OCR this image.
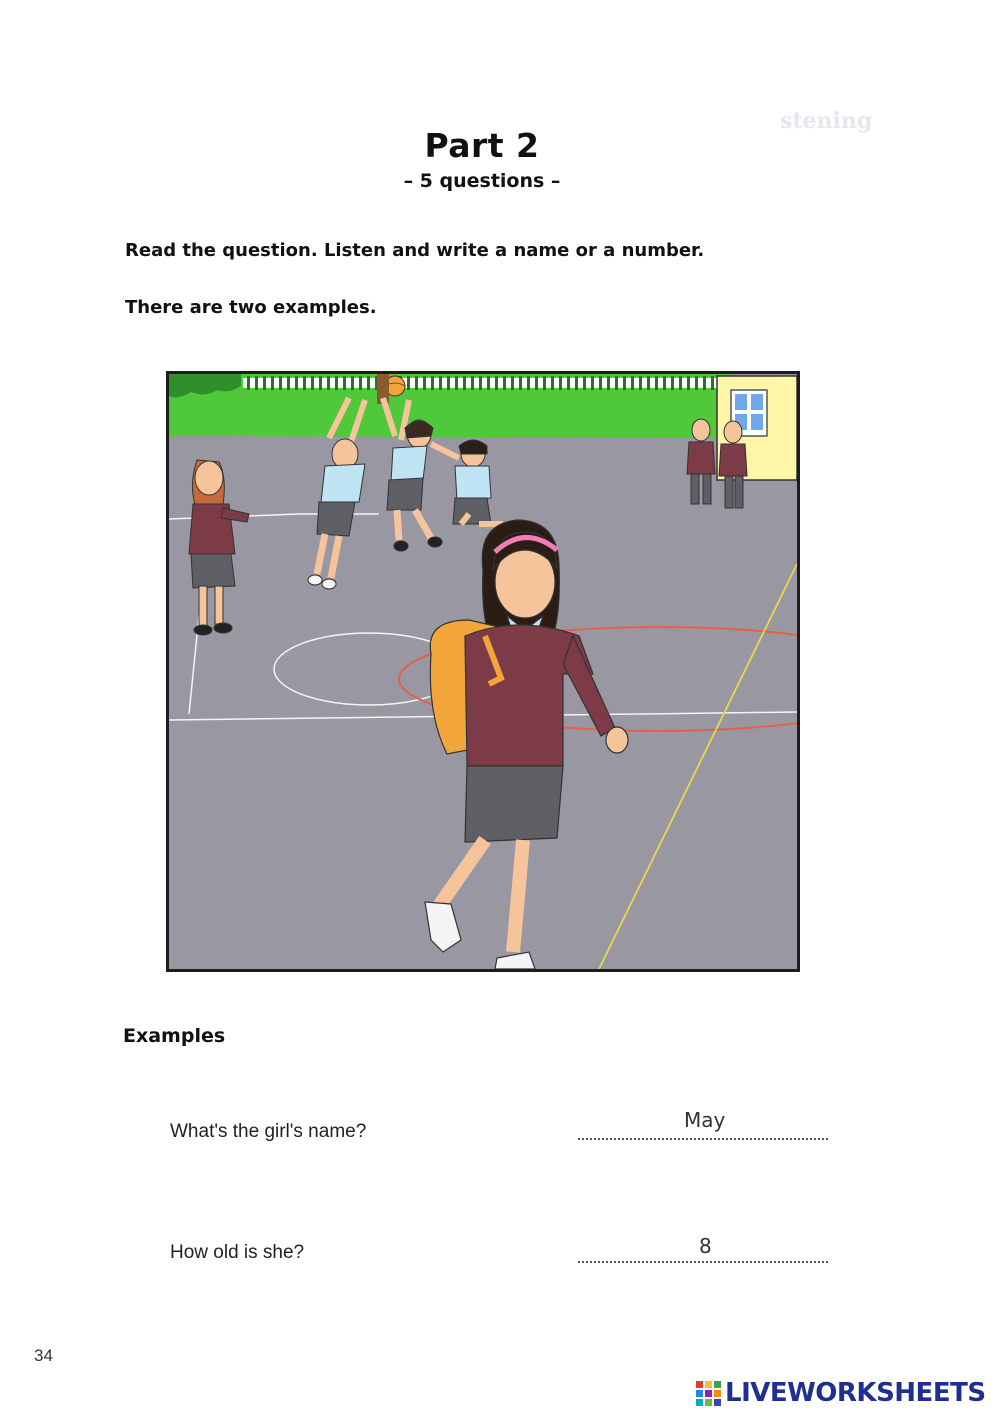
stening
Part 2
– 5 questions –
Read the question. Listen and write a name or a number.
There are two examples.
Examples
What's the girl's name?	May
How old is she?	8
34
LIVEWORKSHEETS
